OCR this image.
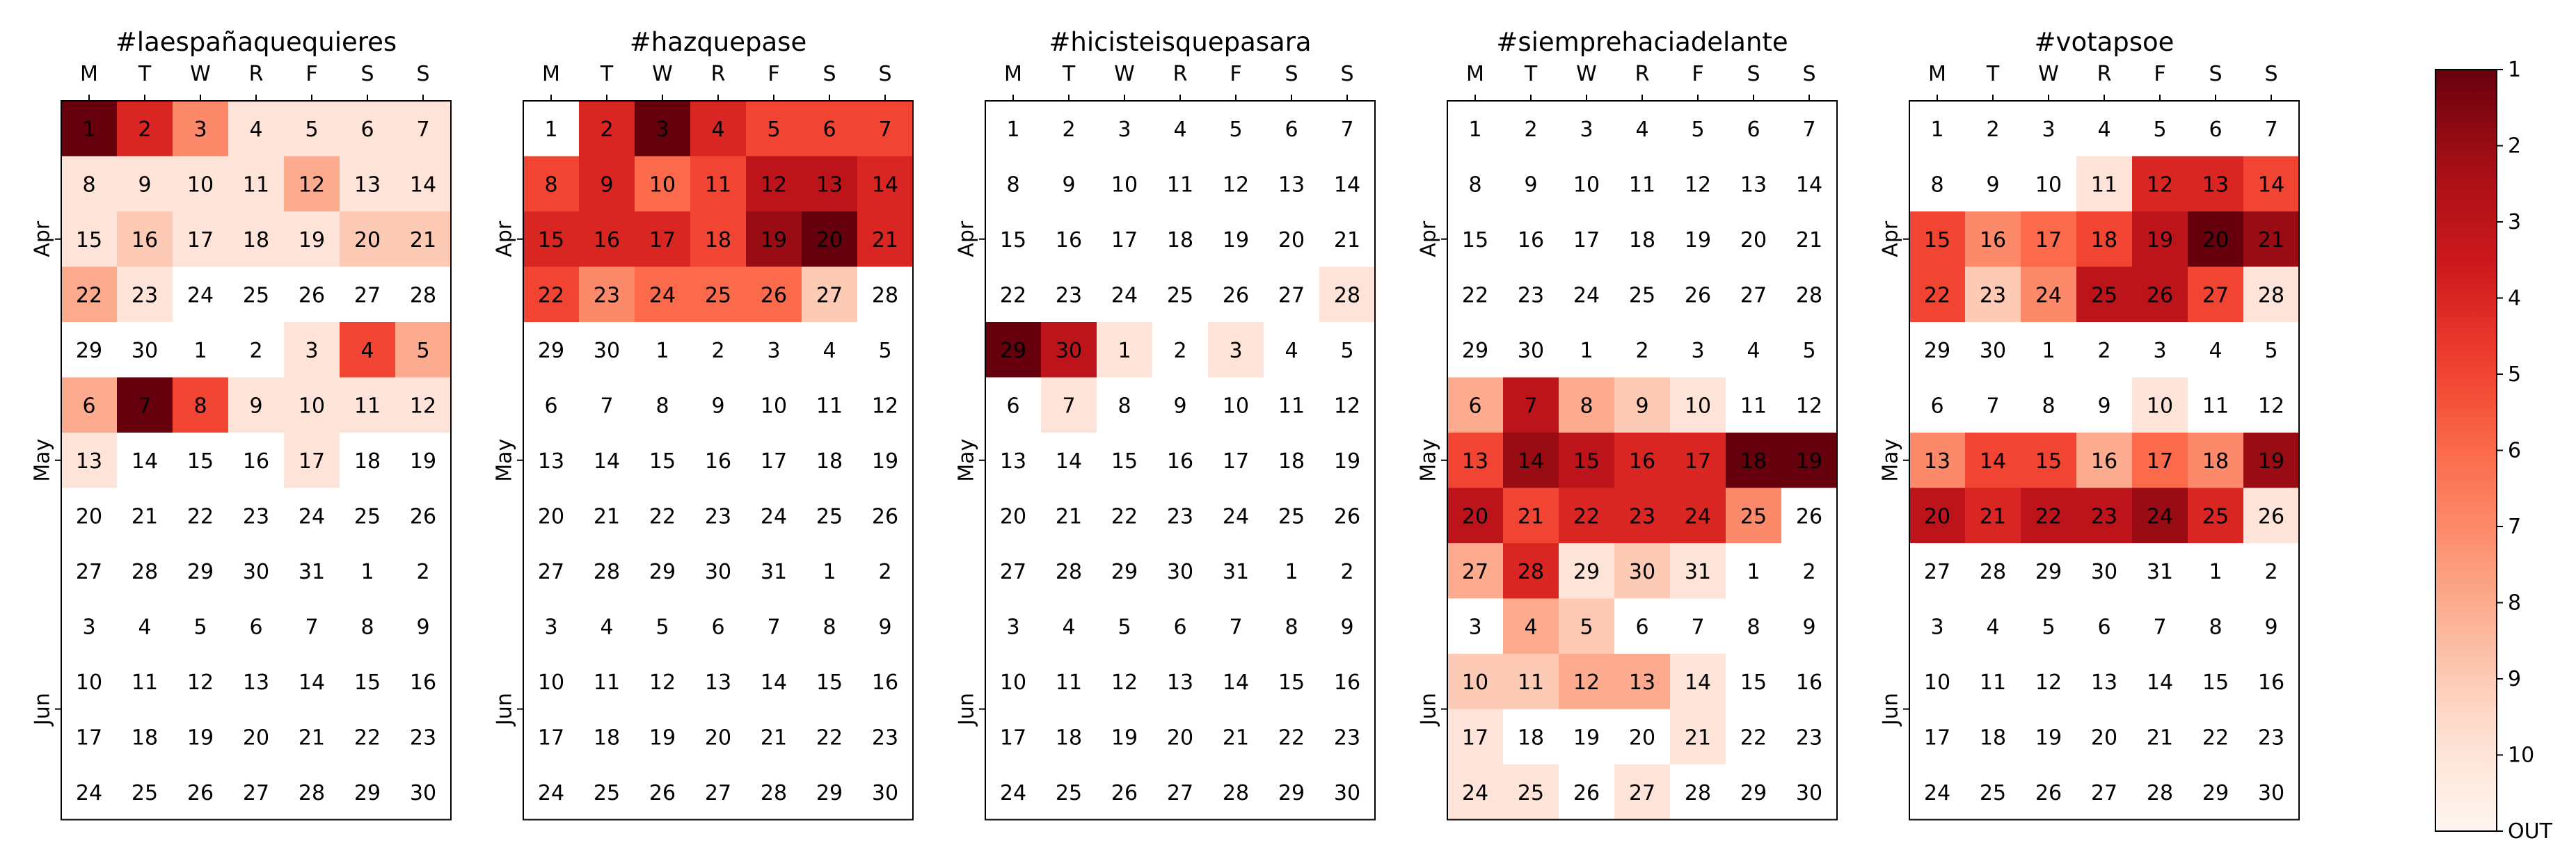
#laespañaquequieres
M T W R F S S
1 2 3 4 5 6 7
8 9 10 11 12 13 14
15 16 17 18 19 20 21
22 23 24 25 26 27 28
29 30 1 2 3 4 5
6 7 8 9 10 11 12
13 14 15 16 17 18 19
20 21 22 23 24 25 26
27 28 29 30 31 1 2
3 4 5 6 7 8 9
10 11 12 13 14 15 16
17 18 19 20 21 22 23
24 25 26 27 28 29 30
Apr
May
Jun
#hazquepase
M T W R F S S
1 2 3 4 5 6 7
8 9 10 11 12 13 14
15 16 17 18 19 20 21
22 23 24 25 26 27 28
29 30 1 2 3 4 5
6 7 8 9 10 11 12
13 14 15 16 17 18 19
20 21 22 23 24 25 26
27 28 29 30 31 1 2
3 4 5 6 7 8 9
10 11 12 13 14 15 16
17 18 19 20 21 22 23
24 25 26 27 28 29 30
Apr
May
Jun
#hicisteisquepasara
M T W R F S S
1 2 3 4 5 6 7
8 9 10 11 12 13 14
15 16 17 18 19 20 21
22 23 24 25 26 27 28
29 30 1 2 3 4 5
6 7 8 9 10 11 12
13 14 15 16 17 18 19
20 21 22 23 24 25 26
27 28 29 30 31 1 2
3 4 5 6 7 8 9
10 11 12 13 14 15 16
17 18 19 20 21 22 23
24 25 26 27 28 29 30
Apr
May
Jun
#siemprehaciadelante
M T W R F S S
1 2 3 4 5 6 7
8 9 10 11 12 13 14
15 16 17 18 19 20 21
22 23 24 25 26 27 28
29 30 1 2 3 4 5
6 7 8 9 10 11 12
13 14 15 16 17 18 19
20 21 22 23 24 25 26
27 28 29 30 31 1 2
3 4 5 6 7 8 9
10 11 12 13 14 15 16
17 18 19 20 21 22 23
24 25 26 27 28 29 30
Apr
May
Jun
#votapsoe
M T W R F S S
1 2 3 4 5 6 7
8 9 10 11 12 13 14
15 16 17 18 19 20 21
22 23 24 25 26 27 28
29 30 1 2 3 4 5
6 7 8 9 10 11 12
13 14 15 16 17 18 19
20 21 22 23 24 25 26
27 28 29 30 31 1 2
3 4 5 6 7 8 9
10 11 12 13 14 15 16
17 18 19 20 21 22 23
24 25 26 27 28 29 30
Apr
May
Jun
1
2
3
4
5
6
7
8
9
10
OUT
